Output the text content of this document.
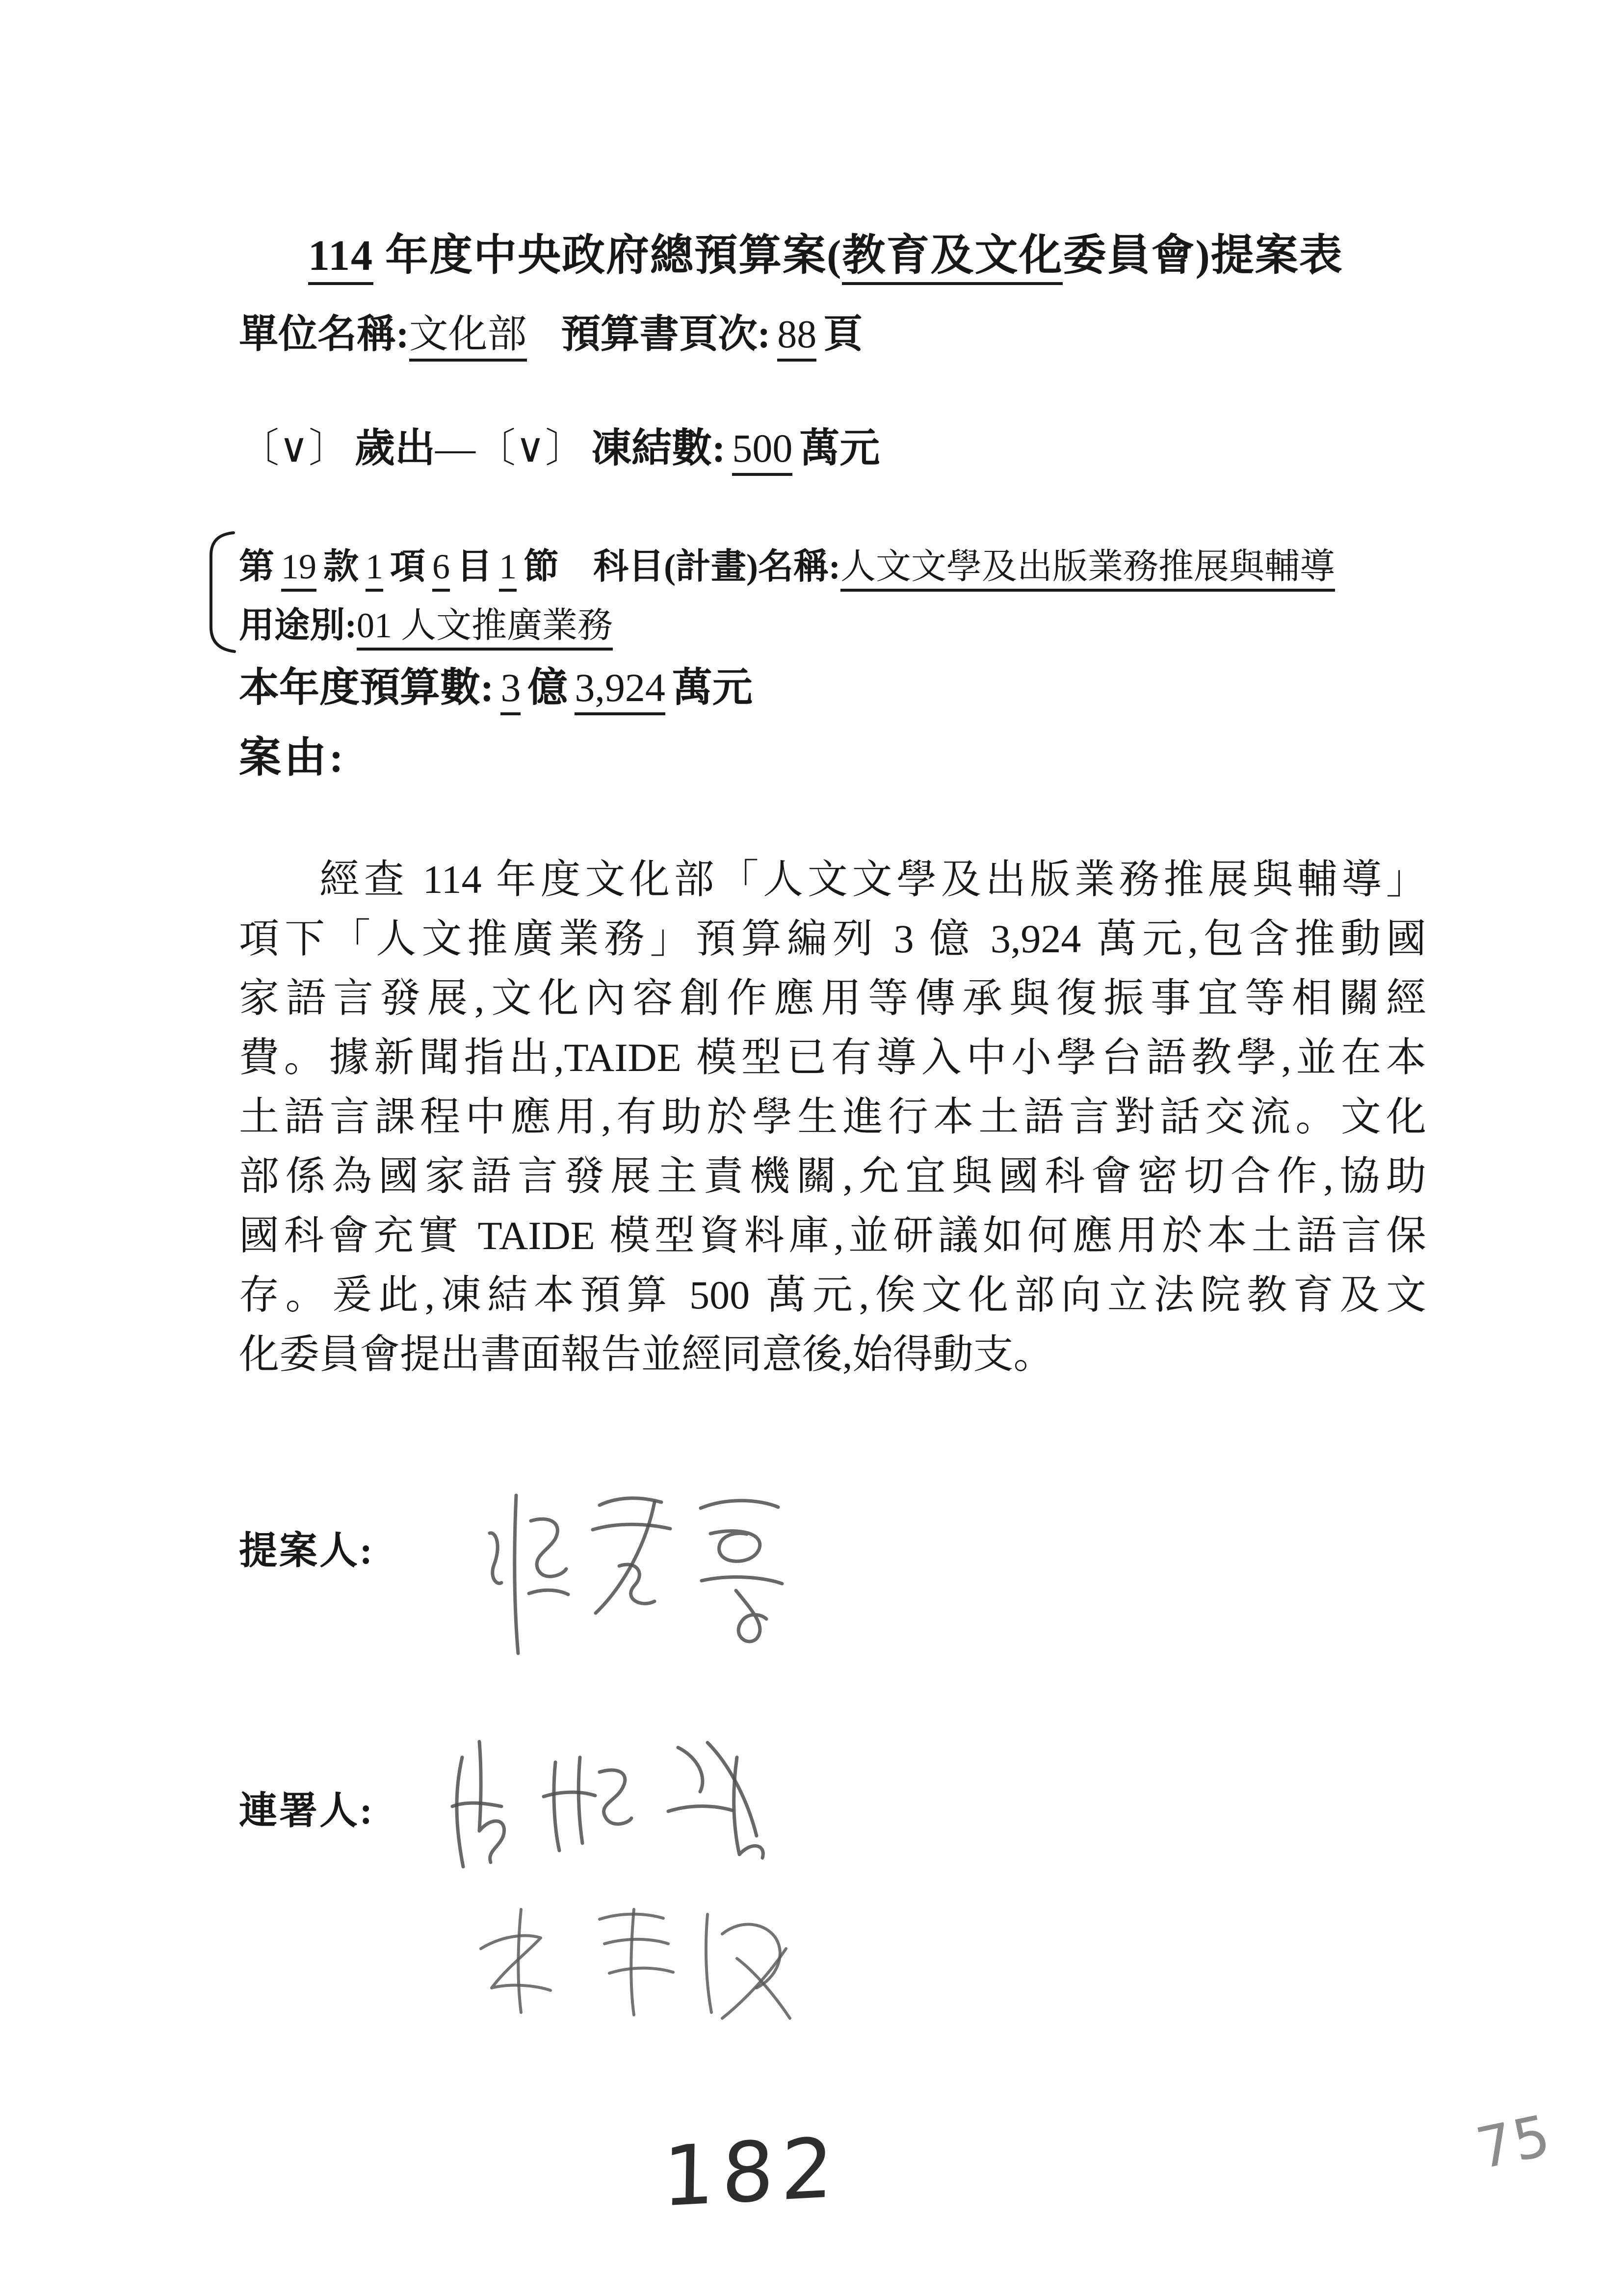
114 年度中央政府總預算案(教育及文化委員會)提案表
單位名稱:文化部 預算書頁次: 88 頁
〔∨〕 歲出—〔∨〕 凍結數: 500 萬元
第 19 款 1 項 6 目 1 節 科目(計畫)名稱:人文文學及出版業務推展與輔導
用途別:01 人文推廣業務
本年度預算數: 3 億 3,924 萬元
案由:
經查 114 年度文化部「人文文學及出版業務推展與輔導」
項下「人文推廣業務」預算編列 3 億 3,924 萬元,包含推動國
家語言發展,文化內容創作應用等傳承與復振事宜等相關經
費。據新聞指出,TAIDE 模型已有導入中小學台語教學,並在本
土語言課程中應用,有助於學生進行本土語言對話交流。文化
部係為國家語言發展主責機關,允宜與國科會密切合作,協助
國科會充實 TAIDE 模型資料庫,並研議如何應用於本土語言保
存。爰此,凍結本預算 500 萬元,俟文化部向立法院教育及文
化委員會提出書面報告並經同意後,始得動支。
提案人:
連署人:
182	75
